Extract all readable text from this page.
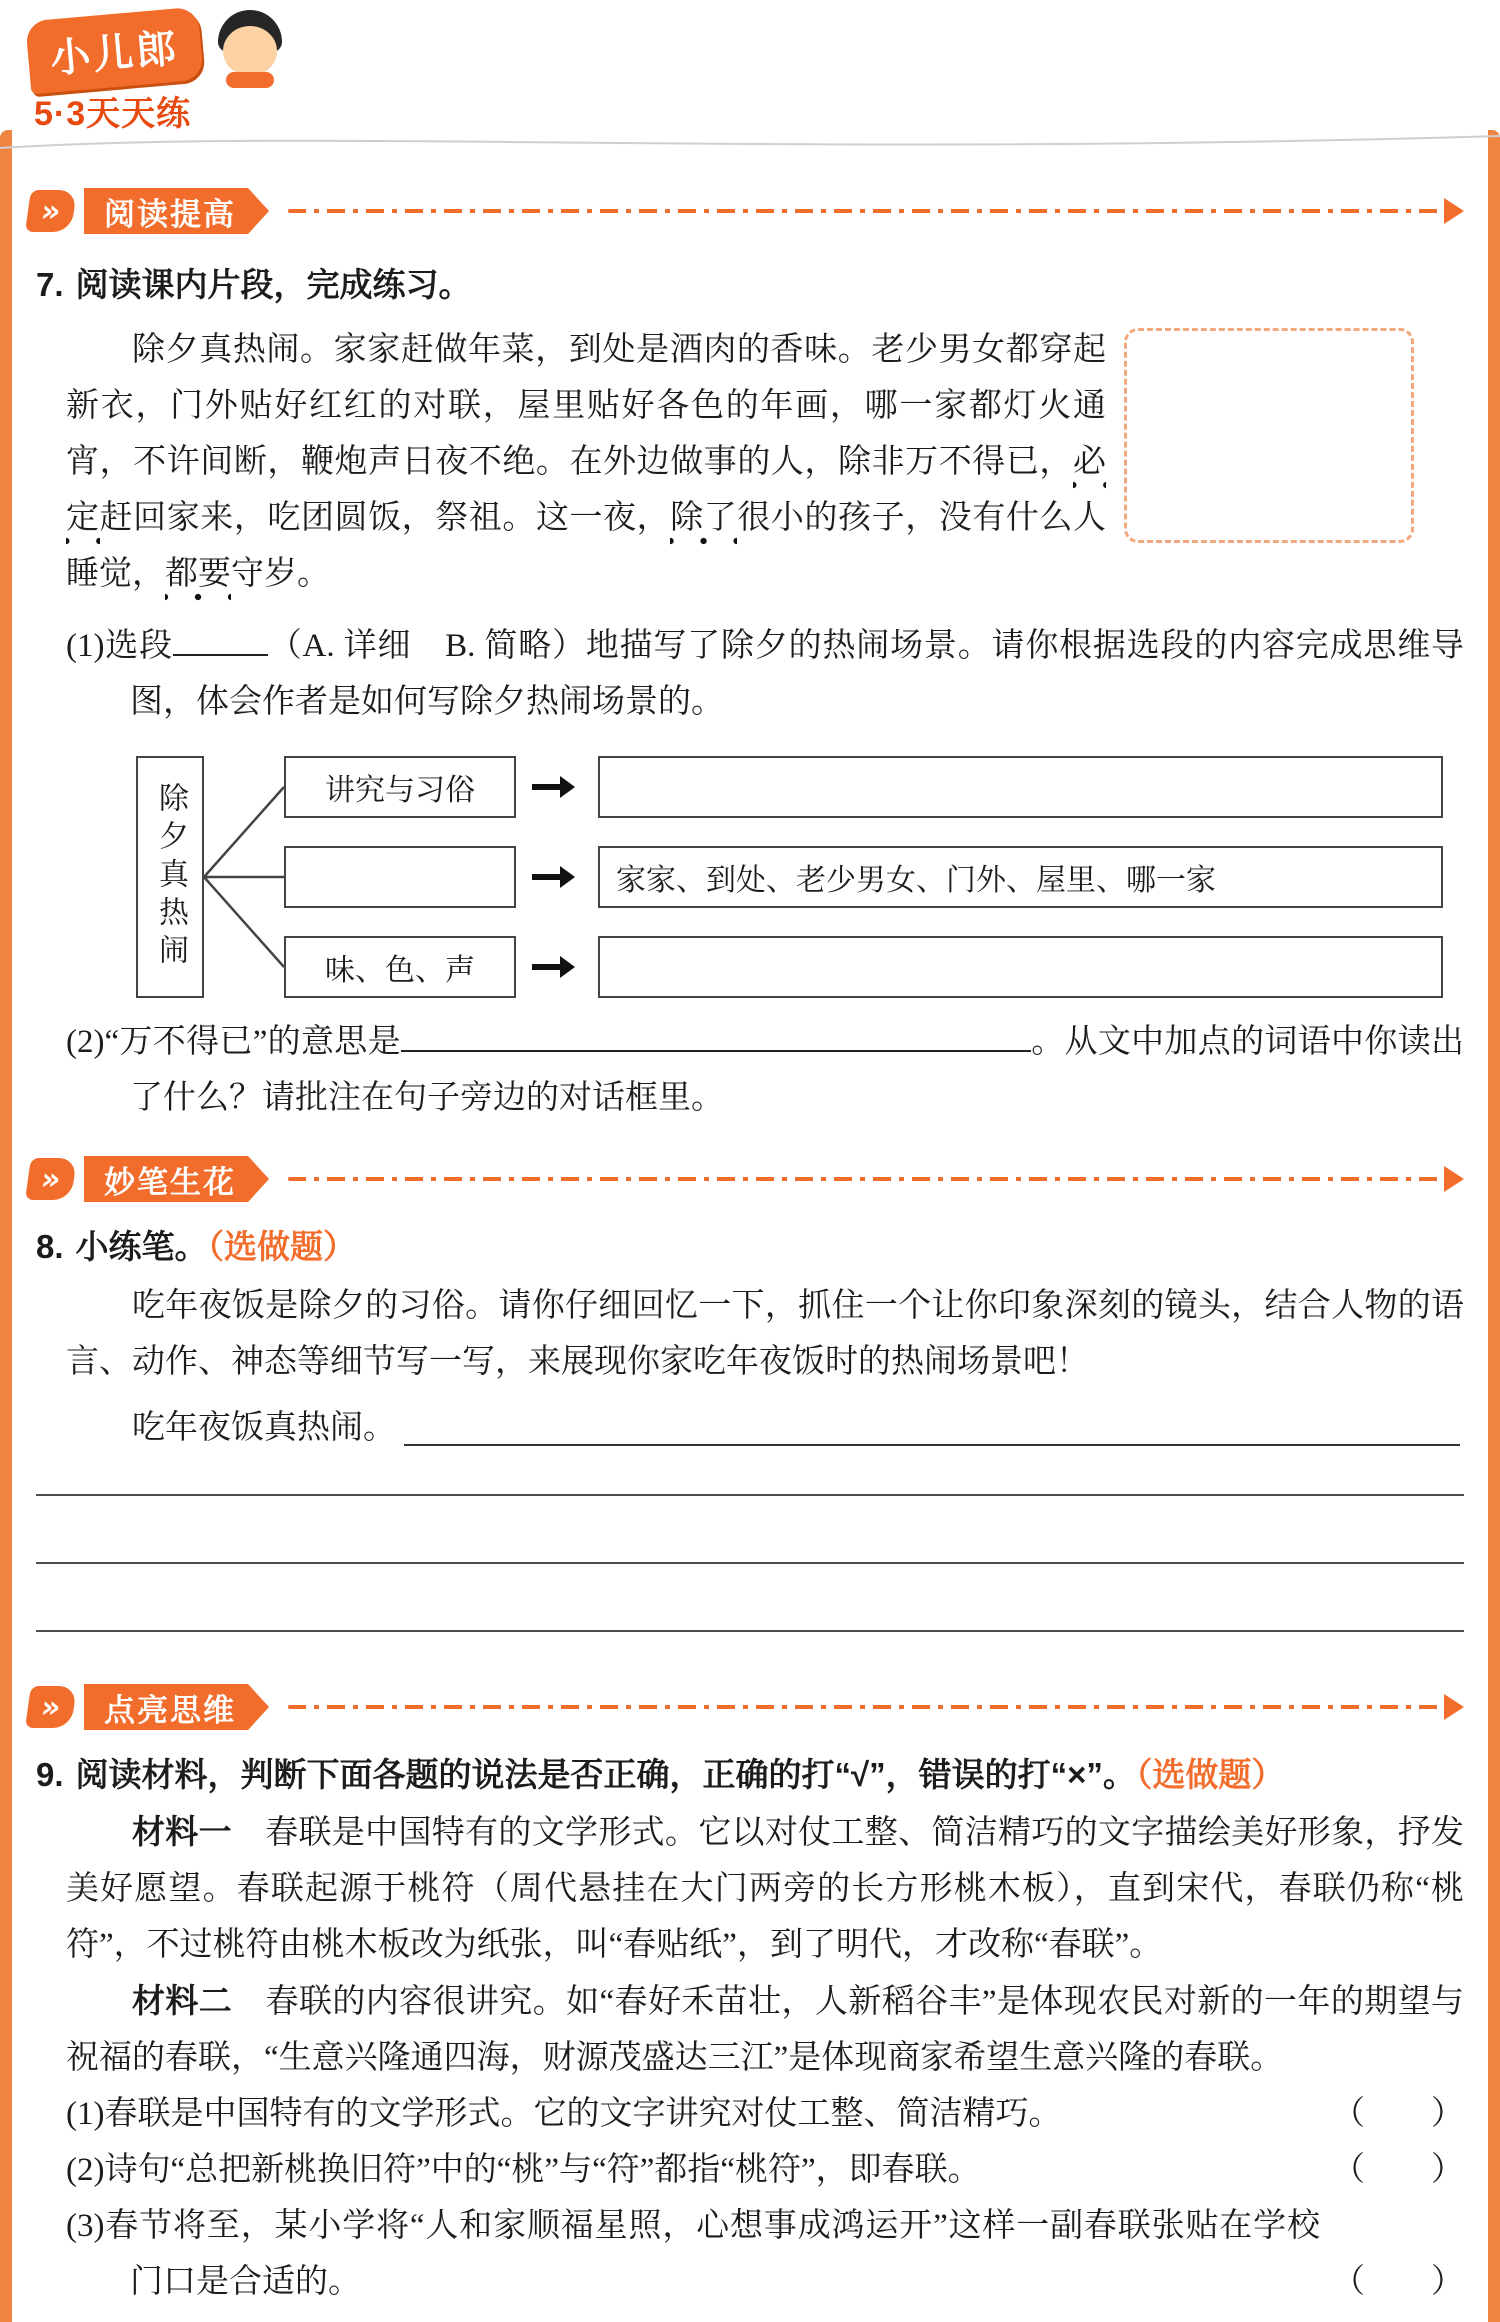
小儿郎
5·3天天练
»	阅读提高

7. 阅读课内片段，完成练习。

除夕真热闹。家家赶做年菜，到处是酒肉的香味。老少男女都穿起新衣，门外贴好红红的对联，屋里贴好各色的年画，哪一家都灯火通宵，不许间断，鞭炮声日夜不绝。在外边做事的人，除非万不得已，必定赶回家来，吃团圆饭，祭祖。这一夜，除了很小的孩子，没有什么人睡觉，都要守岁。

(1)选段	（A. 详细　B. 简略）地描写了除夕的热闹场景。请你根据选段的内容完成思维导图，体会作者是如何写除夕热闹场景的。

除夕真热闹	讲究与习俗
家家、到处、老少男女、门外、屋里、哪一家
味、色、声

(2)“万不得已”的意思是	。从文中加点的词语中你读出了什么？请批注在句子旁边的对话框里。

»	妙笔生花

8. 小练笔。（选做题）

吃年夜饭是除夕的习俗。请你仔细回忆一下，抓住一个让你印象深刻的镜头，结合人物的语言、动作、神态等细节写一写，来展现你家吃年夜饭时的热闹场景吧！

吃年夜饭真热闹。
»	点亮思维

9. 阅读材料，判断下面各题的说法是否正确，正确的打“√”，错误的打“×”。（选做题）

材料一　春联是中国特有的文学形式。它以对仗工整、简洁精巧的文字描绘美好形象，抒发美好愿望。春联起源于桃符（周代悬挂在大门两旁的长方形桃木板），直到宋代，春联仍称“桃符”，不过桃符由桃木板改为纸张，叫“春贴纸”，到了明代，才改称“春联”。

材料二　春联的内容很讲究。如“春好禾苗壮，人新稻谷丰”是体现农民对新的一年的期望与祝福的春联，“生意兴隆通四海，财源茂盛达三江”是体现商家希望生意兴隆的春联。

(1)春联是中国特有的文学形式。它的文字讲究对仗工整、简洁精巧。	（　　）
(2)诗句“总把新桃换旧符”中的“桃”与“符”都指“桃符”，即春联。	（　　）
(3)春节将至，某小学将“人和家顺福星照，心想事成鸿运开”这样一副春联张贴在学校门口是合适的。	（　　）
